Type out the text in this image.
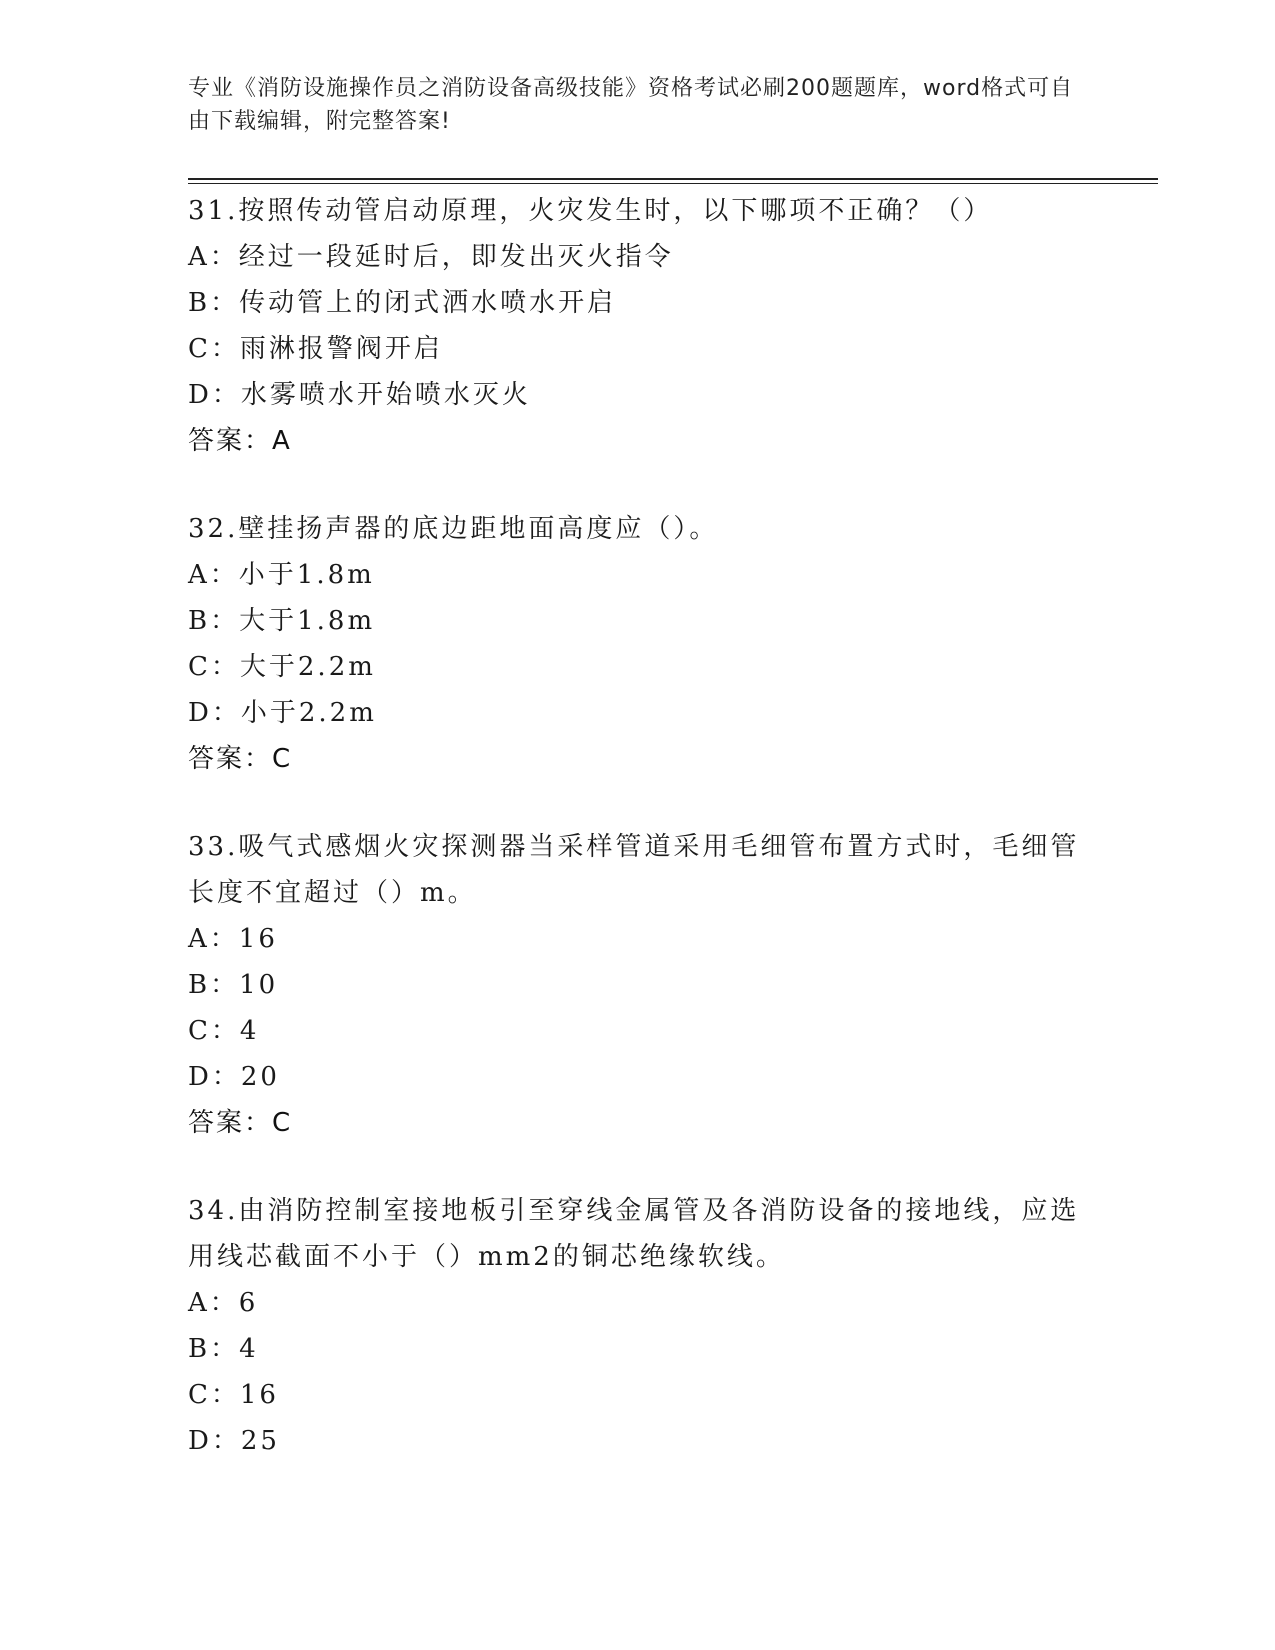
专业《消防设施操作员之消防设备高级技能》资格考试必刷200题题库，word格式可自由下载编辑，附完整答案!
31.按照传动管启动原理，火灾发生时，以下哪项不正确？（）
A：经过一段延时后，即发出灭火指令
B：传动管上的闭式洒水喷水开启
C：雨淋报警阀开启
D：水雾喷水开始喷水灭火
答案：A
32.壁挂扬声器的底边距地面高度应（）。
A：小于1.8m
B：大于1.8m
C：大于2.2m
D：小于2.2m
答案：C
33.吸气式感烟火灾探测器当采样管道采用毛细管布置方式时，毛细管长度不宜超过（）m。
A：16
B：10
C：4
D：20
答案：C
34.由消防控制室接地板引至穿线金属管及各消防设备的接地线，应选用线芯截面不小于（）mm2的铜芯绝缘软线。
A：6
B：4
C：16
D：25
